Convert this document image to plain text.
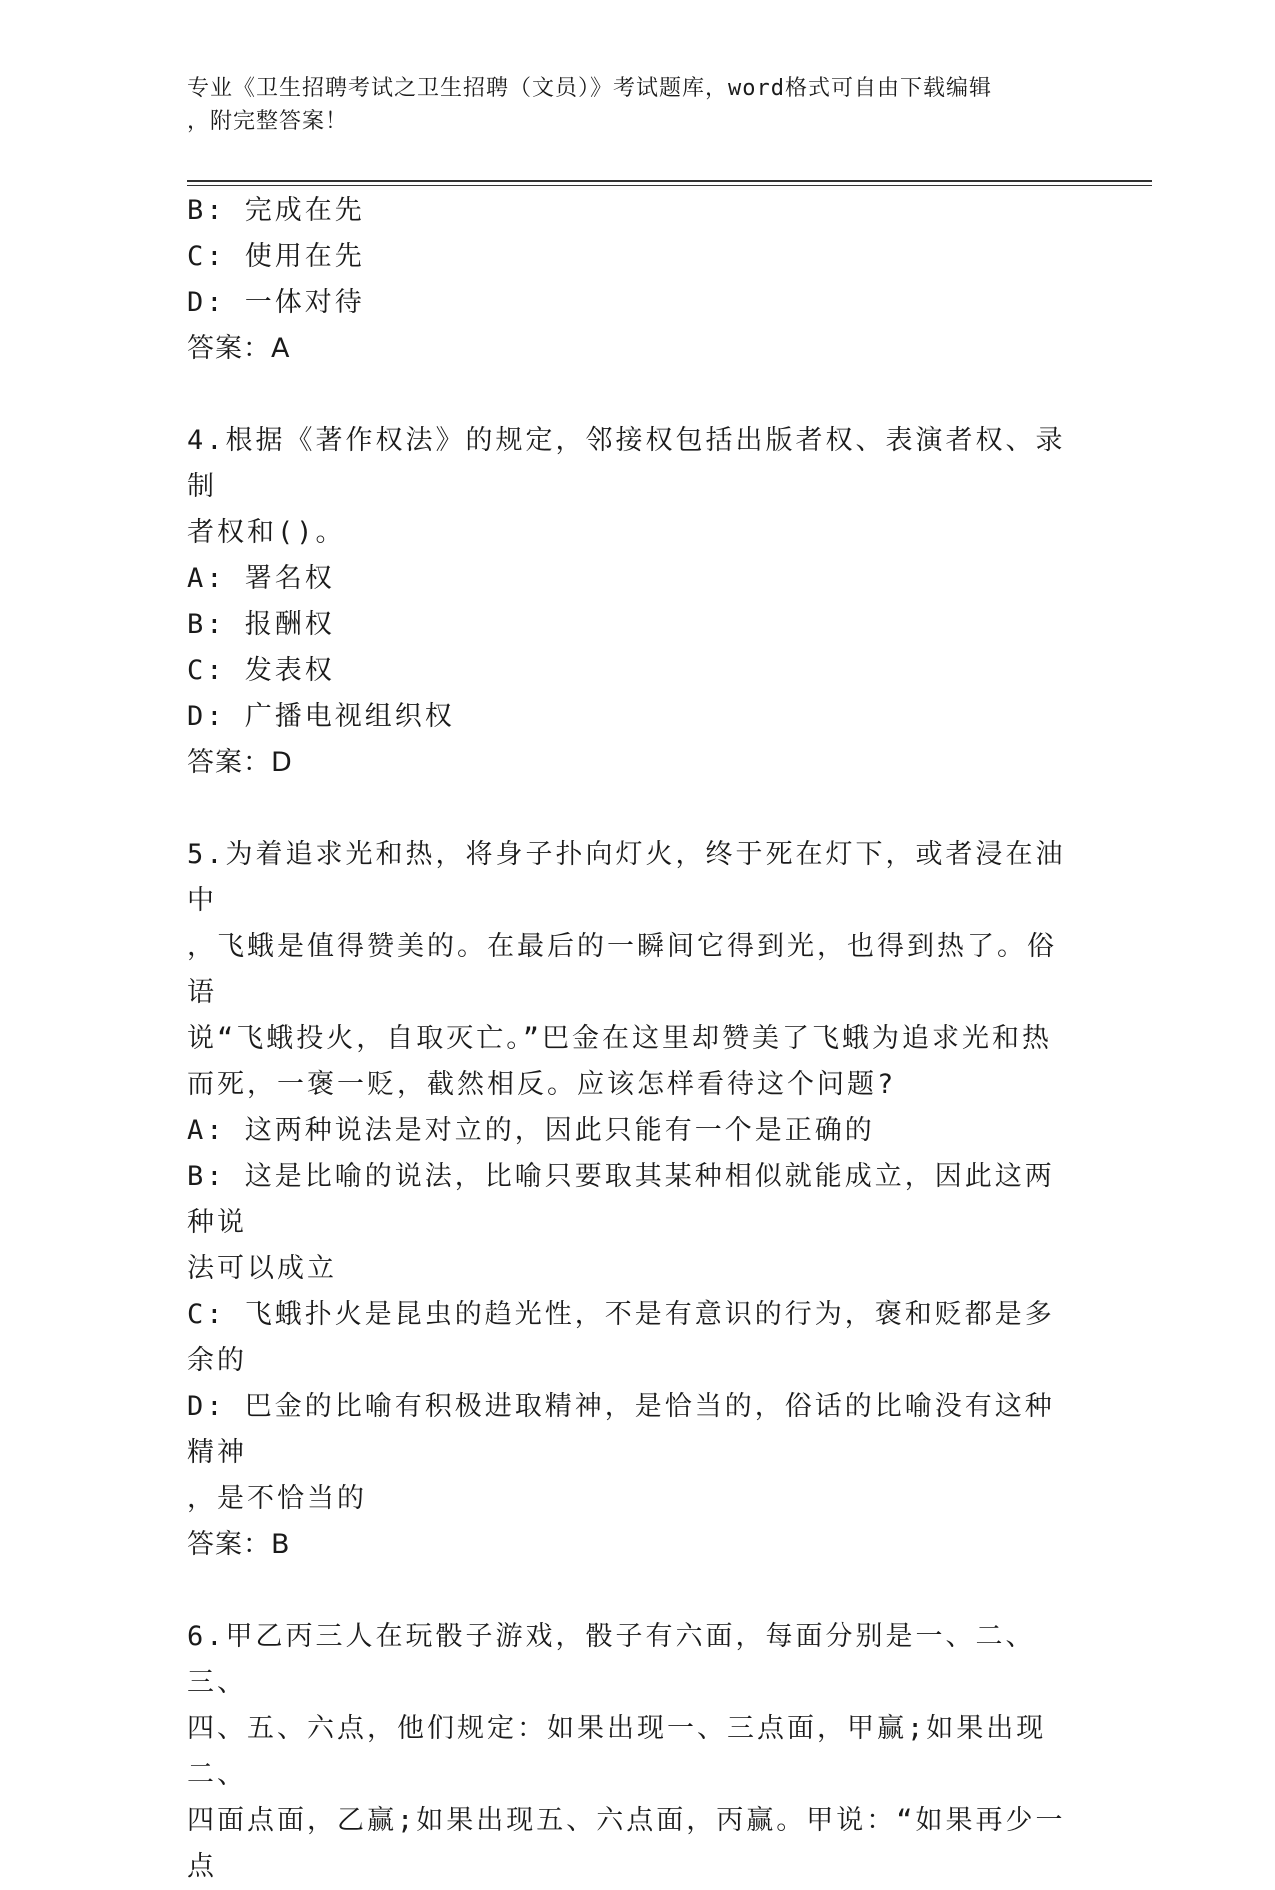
专业《卫生招聘考试之卫生招聘（文员）》考试题库，word格式可自由下载编辑
，附完整答案！

B: 完成在先

C: 使用在先

D: 一体对待

答案：A

4.根据《著作权法》的规定，邻接权包括出版者权、表演者权、录制

者权和()。

A: 署名权

B: 报酬权

C: 发表权

D: 广播电视组织权

答案：D

5.为着追求光和热，将身子扑向灯火，终于死在灯下，或者浸在油中

，飞蛾是值得赞美的。在最后的一瞬间它得到光，也得到热了。俗语

说“飞蛾投火，自取灭亡。”巴金在这里却赞美了飞蛾为追求光和热

而死，一褒一贬，截然相反。应该怎样看待这个问题?

A: 这两种说法是对立的，因此只能有一个是正确的

B: 这是比喻的说法，比喻只要取其某种相似就能成立，因此这两种说

法可以成立

C: 飞蛾扑火是昆虫的趋光性，不是有意识的行为，褒和贬都是多余的

D: 巴金的比喻有积极进取精神，是恰当的，俗话的比喻没有这种精神

，是不恰当的

答案：B

6.甲乙丙三人在玩骰子游戏，骰子有六面，每面分别是一、二、三、

四、五、六点，他们规定：如果出现一、三点面，甲赢;如果出现二、

四面点面，乙赢;如果出现五、六点面，丙赢。甲说：“如果再少一点
